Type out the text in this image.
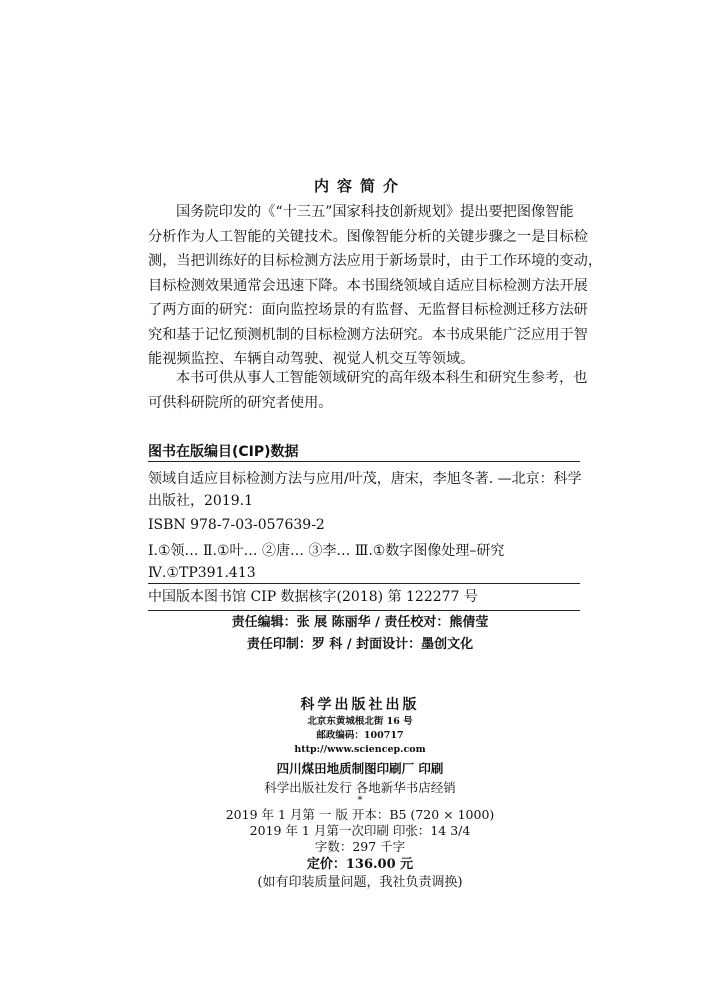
内容简介
国务院印发的《“十三五”国家科技创新规划》提出要把图像智能
分析作为人工智能的关键技术。图像智能分析的关键步骤之一是目标检
测，当把训练好的目标检测方法应用于新场景时，由于工作环境的变动，
目标检测效果通常会迅速下降。本书围绕领域自适应目标检测方法开展
了两方面的研究：面向监控场景的有监督、无监督目标检测迁移方法研
究和基于记忆预测机制的目标检测方法研究。本书成果能广泛应用于智
能视频监控、车辆自动驾驶、视觉人机交互等领域。
本书可供从事人工智能领域研究的高年级本科生和研究生参考，也
可供科研院所的研究者使用。
图书在版编目(CIP)数据
领域自适应目标检测方法与应用/叶茂，唐宋，李旭冬著. —北京：科学
出版社，2019.1
ISBN 978-7-03-057639-2
Ⅰ.①领… Ⅱ.①叶… ②唐… ③李… Ⅲ.①数字图像处理–研究
Ⅳ.①TP391.413
中国版本图书馆 CIP 数据核字(2018) 第 122277 号
责任编辑：张 展 陈丽华 / 责任校对：熊倩莹
责任印制：罗 科 / 封面设计：墨创文化
科学出版社出版
北京东黄城根北街 16 号
邮政编码：100717
http://www.sciencep.com
四川煤田地质制图印刷厂 印刷
科学出版社发行 各地新华书店经销
*
2019 年 1 月第 一 版 开本：B5 (720 × 1000)
2019 年 1 月第一次印刷 印张：14 3/4
字数：297 千字
定价：136.00 元
(如有印装质量问题，我社负责调换)
